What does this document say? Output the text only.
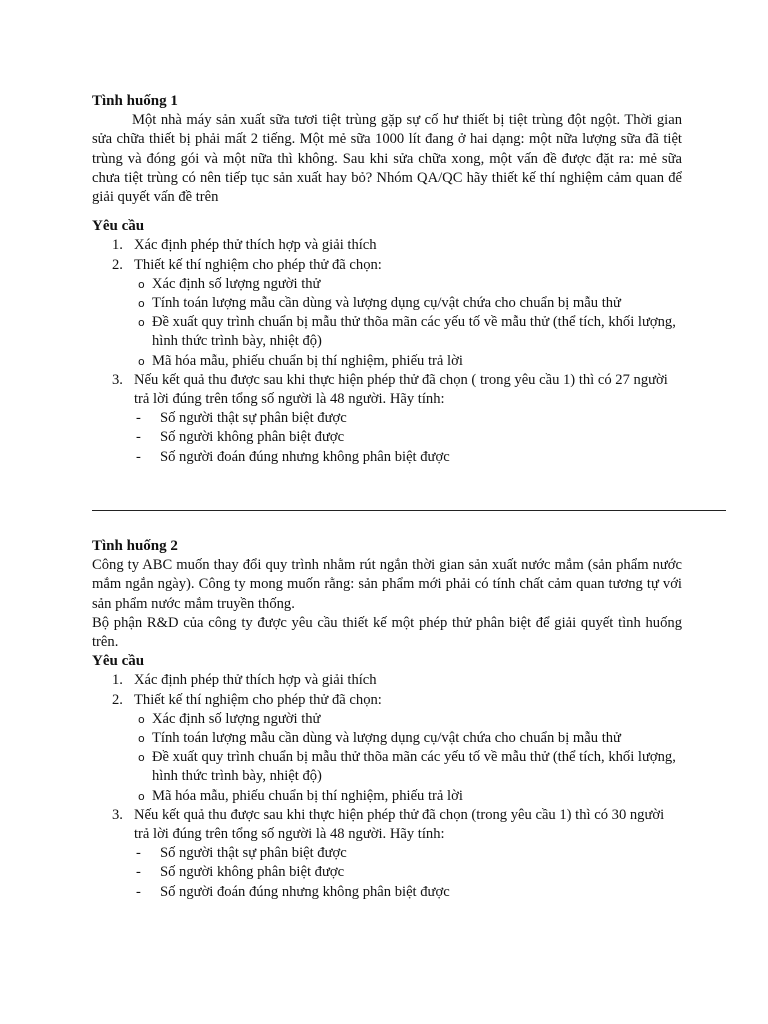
Tình huống 1

Một nhà máy sản xuất sữa tươi tiệt trùng gặp sự cố hư thiết bị tiệt trùng đột ngột. Thời gian sửa chữa thiết bị phải mất 2 tiếng. Một mẻ sữa 1000 lít đang ở hai dạng: một nữa lượng sữa đã tiệt trùng và đóng gói và một nữa thì không. Sau khi sửa chữa xong, một vấn đề được đặt ra: mẻ sữa chưa tiệt trùng có nên tiếp tục sản xuất hay bỏ? Nhóm QA/QC hãy thiết kế thí nghiệm cảm quan để giải quyết vấn đề trên

Yêu cầu
1. Xác định phép thử thích hợp và giải thích
2. Thiết kế thí nghiệm cho phép thử đã chọn:
o Xác định số lượng người thử
o Tính toán lượng mẫu cần dùng và lượng dụng cụ/vật chứa cho chuẩn bị mẫu thử
o Đề xuất quy trình chuẩn bị mẫu thử thõa mãn các yếu tố về mẫu thử (thể tích, khối lượng, hình thức trình bày, nhiệt độ)
o Mã hóa mẫu, phiếu chuẩn bị thí nghiệm, phiếu trả lời
3. Nếu kết quả thu được sau khi thực hiện phép thử đã chọn ( trong yêu cầu 1) thì có 27 người trả lời đúng trên tổng số người là 48 người. Hãy tính:
- Số người thật sự phân biệt được
- Số người không phân biệt được
- Số người đoán đúng nhưng không phân biệt được
Tình huống 2

Công ty ABC muốn thay đổi quy trình nhằm rút ngắn thời gian sản xuất nước mắm (sản phẩm nước mắm ngắn ngày). Công ty mong muốn rằng: sản phẩm mới phải có tính chất cảm quan tương tự với sản phẩm nước mắm truyền thống.

Bộ phận R&D của công ty được yêu cầu thiết kế một phép thử phân biệt để giải quyết tình huống trên.

Yêu cầu
1. Xác định phép thử thích hợp và giải thích
2. Thiết kế thí nghiệm cho phép thử đã chọn:
o Xác định số lượng người thử
o Tính toán lượng mẫu cần dùng và lượng dụng cụ/vật chứa cho chuẩn bị mẫu thử
o Đề xuất quy trình chuẩn bị mẫu thử thõa mãn các yếu tố về mẫu thử (thể tích, khối lượng, hình thức trình bày, nhiệt độ)
o Mã hóa mẫu, phiếu chuẩn bị thí nghiệm, phiếu trả lời
3. Nếu kết quả thu được sau khi thực hiện phép thử đã chọn (trong yêu cầu 1) thì có 30 người trả lời đúng trên tổng số người là 48 người. Hãy tính:
- Số người thật sự phân biệt được
- Số người không phân biệt được
- Số người đoán đúng nhưng không phân biệt được
